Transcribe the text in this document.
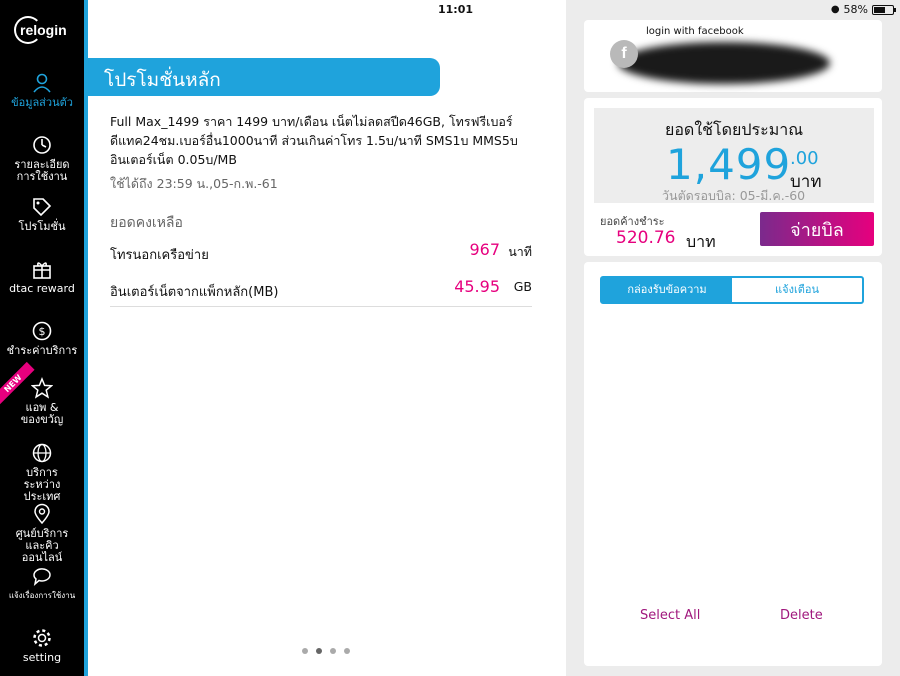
11:01	● 58%
relogin
ข้อมูลส่วนตัว
รายละเอียด การใช้งาน
โปรโมชั่น
dtac reward
$
ชำระค่าบริการ
NEW
แอพ & ของขวัญ
บริการระหว่าง ประเทศ
ศูนย์บริการ และคิวออนไลน์
แจ้งเรื่องการใช้งาน
setting
โปรโมชั่นหลัก

Full Max_1499 ราคา 1499 บาท/เดือน เน็ตไม่ลดสปีด46GB, โทรฟรีเบอร์ดีแทค24ชม.เบอร์อื่น1000นาที ส่วนเกินค่าโทร 1.5บ/นาที SMS1บ MMS5บ อินเตอร์เน็ต 0.05บ/MB

ใช้ได้ถึง 23:59 น.,05-ก.พ.-61
ยอดคงเหลือ
โทรนอกเครือข่าย	967 นาที
อินเตอร์เน็ตจากแพ็กหลัก(MB)	45.95 GB
f
login with facebook
ยอดใช้โดยประมาณ
1,499
.00
บาท
วันตัดรอบบิล: 05-มี.ค.-60
ยอดค้างชำระ
520.76 บาท
จ่ายบิล
กล่องรับข้อความ	แจ้งเตือน
Select All	Delete
